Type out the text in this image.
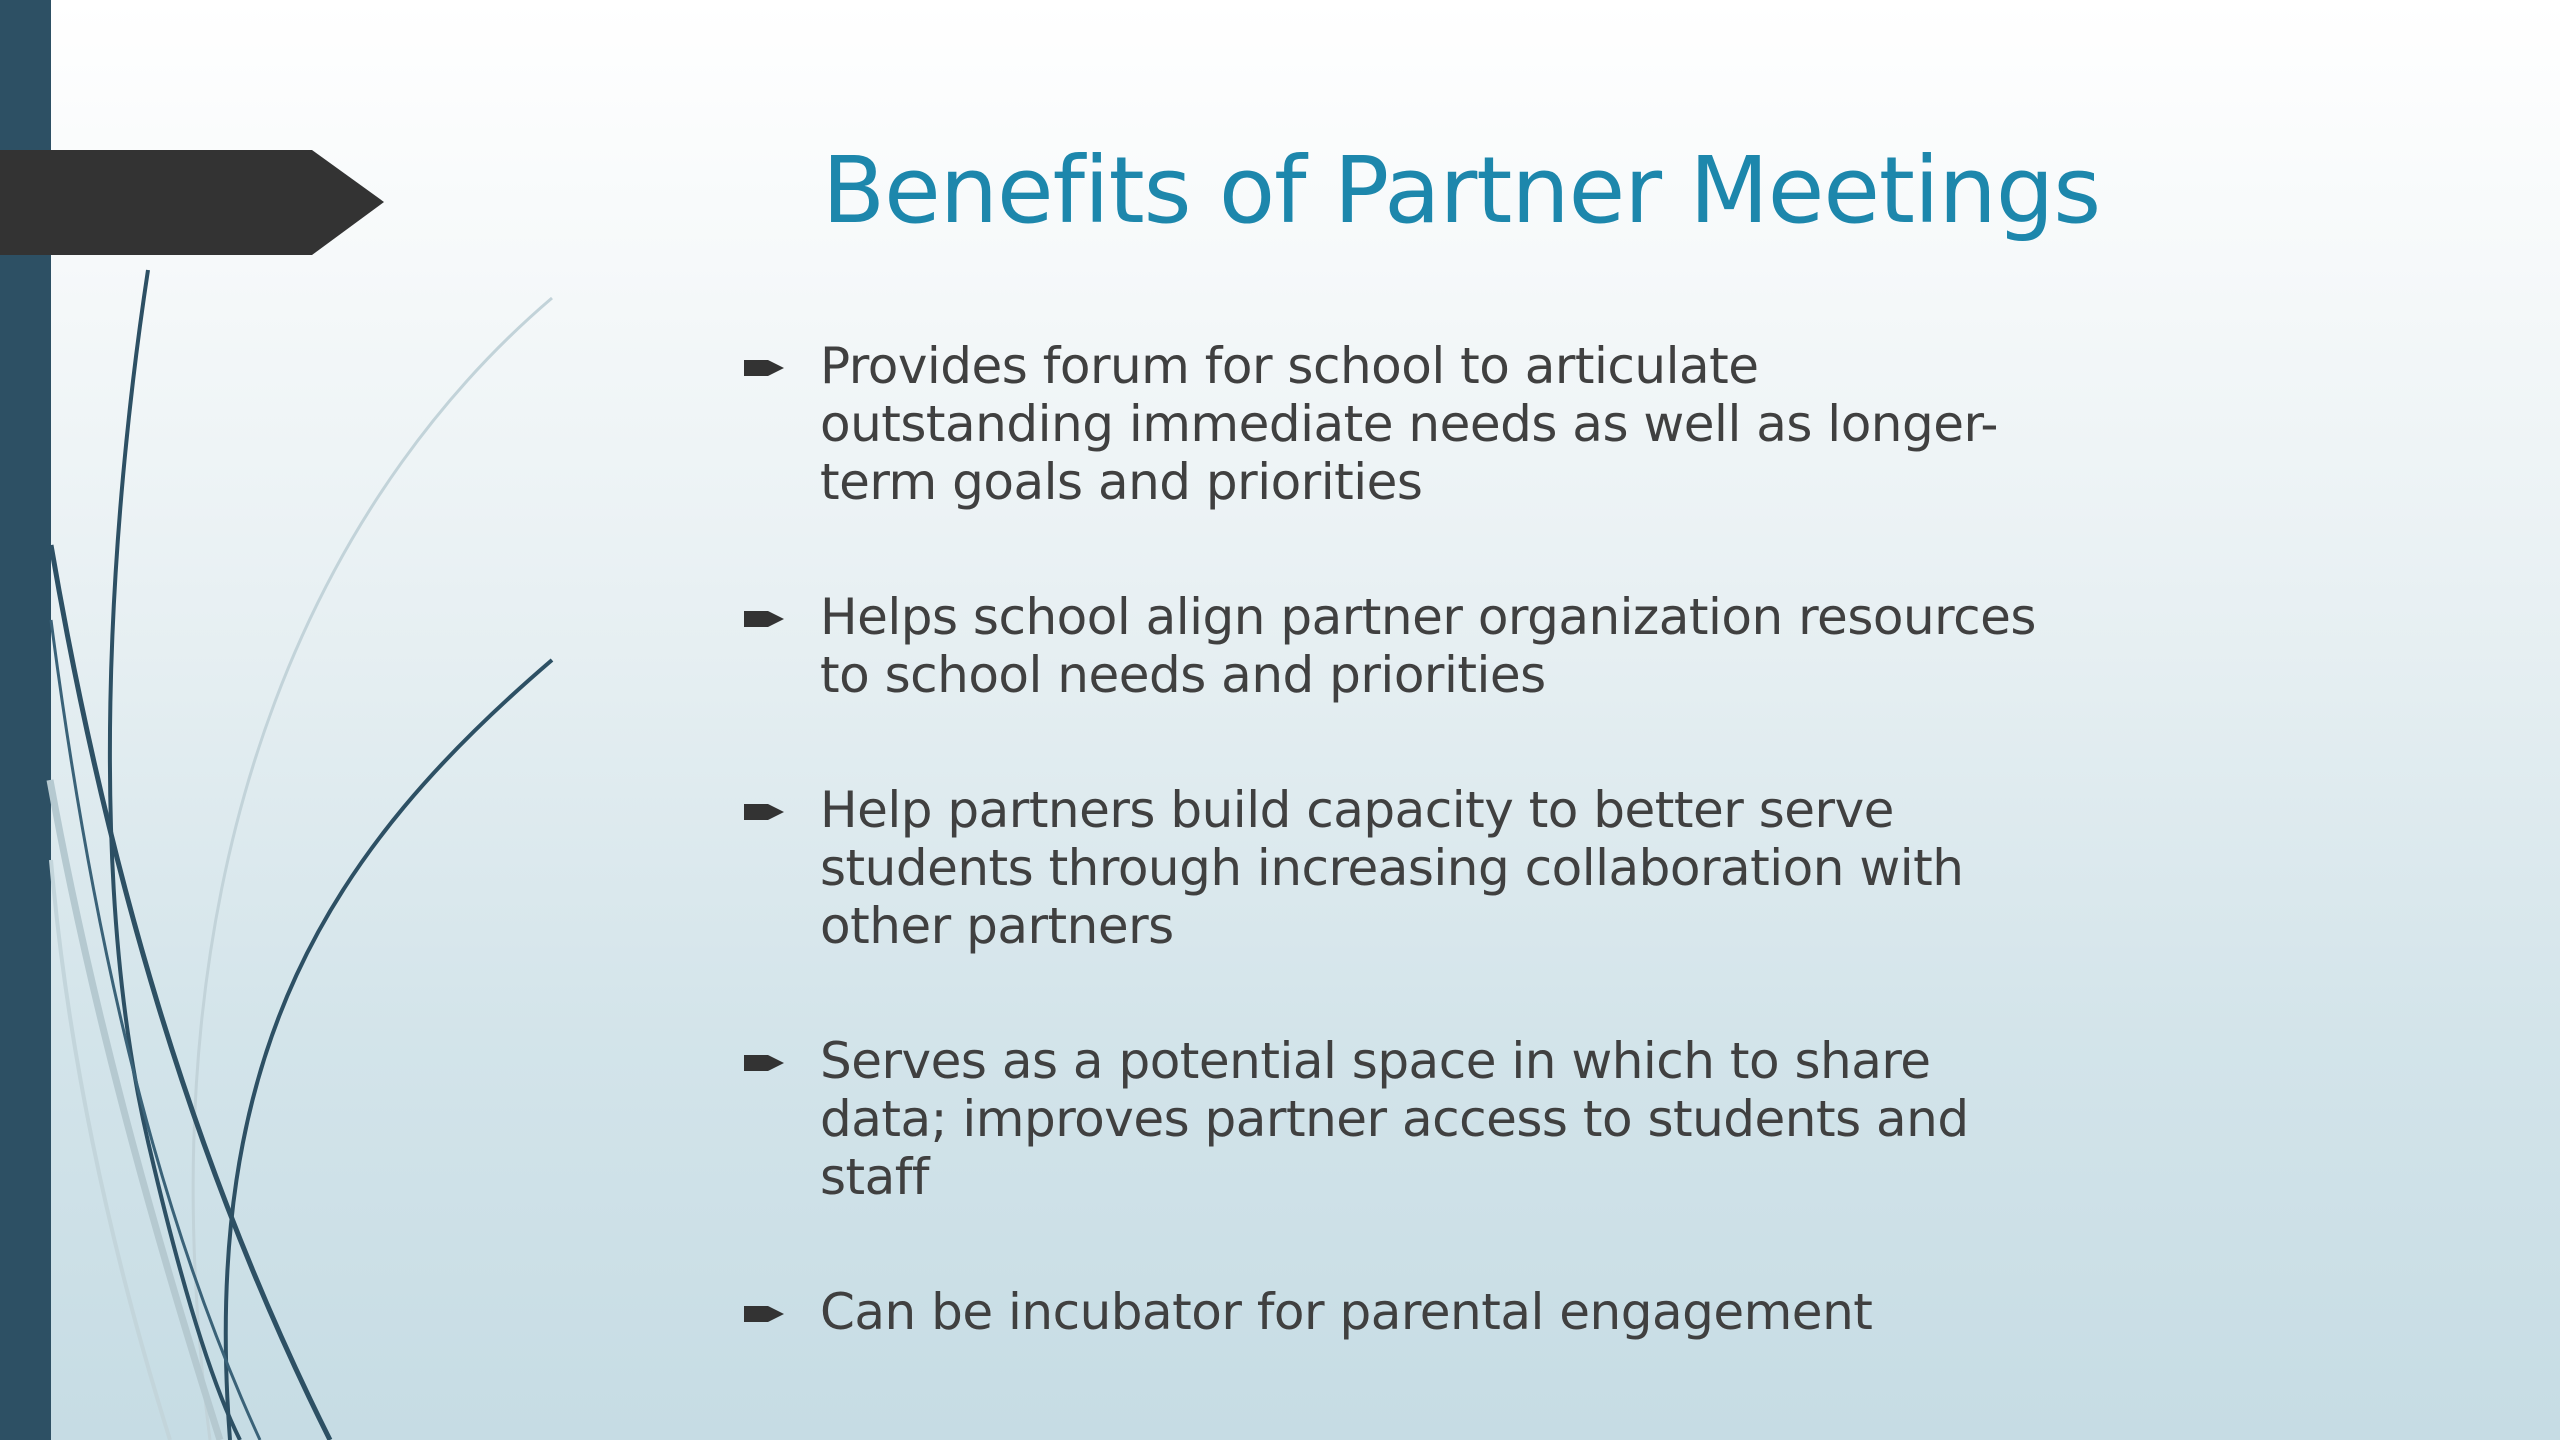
Benefits of Partner Meetings
Provides forum for school to articulate
outstanding immediate needs as well as longer-
term goals and priorities
Helps school align partner organization resources
to school needs and priorities
Help partners build capacity to better serve
students through increasing collaboration with
other partners
Serves as a potential space in which to share
data; improves partner access to students and
staff
Can be incubator for parental engagement
